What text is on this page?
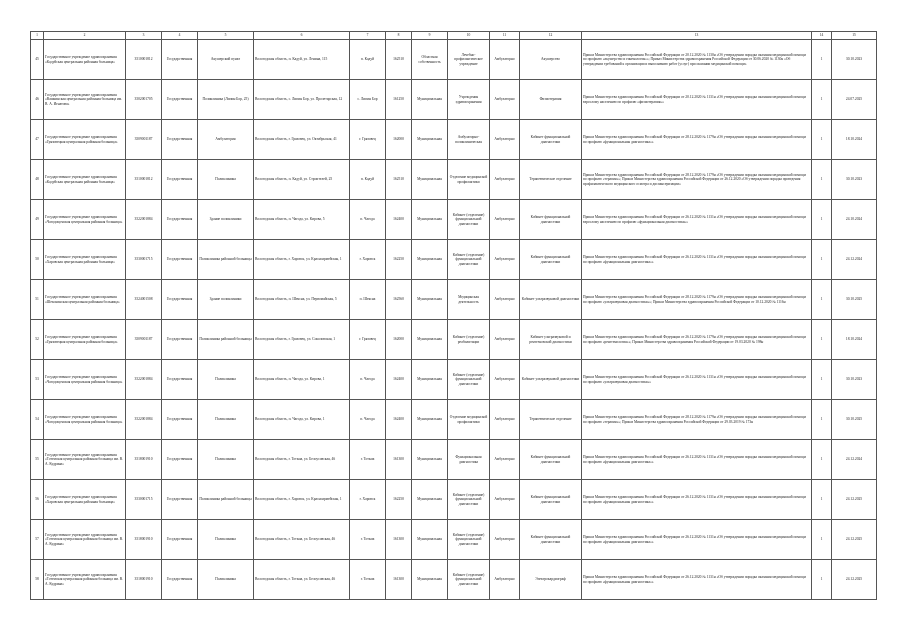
1	2	3	4	5	6	7	8	9	10	11	12	13	14	15
45	Государственное учреждение здравоохранения «Кадуйская центральная районная больница»	3510001812	Государственная	Акушерский пункт	Вологодская область, п. Кадуй, ул. Ленина, 115	п. Кадуй	162510	Областная собственность	Лечебно-профилактическое учреждение	Амбулаторно	Акушерство	Приказ Министерства здравоохранения Российской Федерации от 20.12.2020 № 1130н «Об утверждении порядка оказания медицинской помощи по профилю «акушерство и гинекология»»; Приказ Министерства здравоохранения Российской Федерации от 30.06.2020 № 1130н «Об утверждении требований к организации и выполнению работ (услуг) при оказании медицинской помощи»	1	30.10.2023
46	Государственное учреждение здравоохранения «Вашкинская центральная районная больница им. В. А. Игнатова»	3502001705	Государственная	Поликлиника (Липин Бор, 25)	Вологодская область, с. Липин Бор, ул. Пролетарская, 12	с. Липин Бор	161250	Муниципальная	Учреждения здравоохранения	Амбулаторно	Физиотерапия	Приказ Министерства здравоохранения Российской Федерации от 20.12.2020 № 1131н «Об утверждении порядка оказания медицинской помощи взрослому населению по профилю «физиотерапия»»	1	24.07.2025
47	Государственное учреждение здравоохранения «Грязовецкая центральная районная больница»	3509001187	Государственная	Амбулатория	Вологодская область, г. Грязовец, ул. Октябрьская, 41	г. Грязовец	162000	Муниципальная	Амбулаторно-поликлиническая	Амбулаторно	Кабинет функциональной диагностики	Приказ Министерства здравоохранения Российской Федерации от 28.12.2020 № 1179н «Об утверждении порядка оказания медицинской помощи по профилю «функциональная диагностика»»	1	18.10.2024
48	Государственное учреждение здравоохранения «Кадуйская центральная районная больница»	3510001812	Государственная	Поликлиника	Вологодская область, п. Кадуй, ул. Строителей, 25	п. Кадуй	162510	Муниципальная	Отделение медицинской профилактики	Амбулаторно	Терапевтическое отделение	Приказ Министерства здравоохранения Российской Федерации от 28.12.2020 № 1179н «Об утверждении порядка оказания медицинской помощи по профилю «терапия»»; Приказ Министерства здравоохранения Российской Федерации от 26.12.2020 «Об утверждении порядка проведения профилактического медицинского осмотра и диспансеризации»	1	30.10.2023
49	Государственное учреждение здравоохранения «Чагодощенская центральная районная больница»	3522001884	Государственная	Здание поликлиники	Вологодская область, п. Чагода, ул. Кирова, 5	п. Чагода	162400	Муниципальная	Кабинет (отделение) функциональной диагностики	Амбулаторно	Кабинет функциональной диагностики	Приказ Министерства здравоохранения Российской Федерации от 26.12.2020 № 1131н «Об утверждении порядка оказания медицинской помощи взрослому населению по профилю «функциональная диагностика»»	1	24.10.2024
50	Государственное учреждение здравоохранения «Харовская центральная районная больница»	3530001715	Государственная	Поликлиника районной больницы	Вологодская область, г. Харовск, ул. Красноармейская, 1	г. Харовск	162250	Муниципальная	Кабинет (отделение) функциональной диагностики	Амбулаторно	Кабинет функциональной диагностики	Приказ Министерства здравоохранения Российской Федерации от 26.12.2020 № 1131н «Об утверждении порядка оказания медицинской помощи по профилю «функциональная диагностика»»	1	24.12.2024
51	Государственное учреждение здравоохранения «Шекснинская центральная районная больница»	3524001508	Государственная	Здание поликлиники	Вологодская область, п. Шексна, ул. Первомайская, 5	п. Шексна	162560	Муниципальная	Медицинская деятельность	Амбулаторно	Кабинет ультразвуковой диагностики	Приказ Министерства здравоохранения Российской Федерации от 28.12.2020 № 1179н «Об утверждении порядка оказания медицинской помощи по профилю «ультразвуковая диагностика»»; Приказ Министерства здравоохранения Российской Федерации от 10.12.2020 № 1116н	1	30.10.2025
52	Государственное учреждение здравоохранения «Грязовецкая центральная районная больница»	3509001187	Государственная	Поликлиника районной больницы	Вологодская область, г. Грязовец, ул. Соколовская, 1	г. Грязовец	162000	Муниципальная	Кабинет (отделение) реабилитации	Амбулаторно	Кабинет ультразвуковой и рентгеновской диагностики	Приказ Министерства здравоохранения Российской Федерации от 26.12.2020 № 1179н «Об утверждении порядка оказания медицинской помощи по профилю «рентгенология»»; Приказ Министерства здравоохранения Российской Федерации от 19.03.2020 № 198н	1	18.10.2024
53	Государственное учреждение здравоохранения «Чагодощенская центральная районная больница»	3522001884	Государственная	Поликлиника	Вологодская область, п. Чагода, ул. Кирова, 1	п. Чагода	162400	Муниципальная	Кабинет (отделение) функциональной диагностики	Амбулаторно	Кабинет ультразвуковой диагностики	Приказ Министерства здравоохранения Российской Федерации от 26.12.2020 № 1131н «Об утверждении порядка оказания медицинской помощи по профилю «ультразвуковая диагностика»»	1	30.10.2023
54	Государственное учреждение здравоохранения «Чагодощенская центральная районная больница»	3522001884	Государственная	Поликлиника	Вологодская область, п. Чагода, ул. Кирова, 1	п. Чагода	162400	Муниципальная	Отделение медицинской профилактики	Амбулаторно	Терапевтическое отделение	Приказ Министерства здравоохранения Российской Федерации от 28.12.2020 № 1179н «Об утверждении порядка оказания медицинской помощи по профилю «терапия»»; Приказ Министерства здравоохранения Российской Федерации от 29.03.2019 № 173н	1	30.10.2025
55	Государственное учреждение здравоохранения «Тотемская центральная районная больница им. В. А. Кудрина»	3518001910	Государственная	Поликлиника	Вологодская область, г. Тотьма, ул. Белоусовская, 46	г. Тотьма	161300	Муниципальная	Функциональная диагностика	Амбулаторно	Кабинет функциональной диагностики	Приказ Министерства здравоохранения Российской Федерации от 26.12.2020 № 1131н «Об утверждении порядка оказания медицинской помощи по профилю «функциональная диагностика»»	1	24.12.2024
56	Государственное учреждение здравоохранения «Харовская центральная районная больница»	3530001715	Государственная	Поликлиника районной больницы	Вологодская область, г. Харовск, ул. Красноармейская, 1	г. Харовск	162250	Муниципальная	Кабинет (отделение) функциональной диагностики	Амбулаторно	Кабинет функциональной диагностики	Приказ Министерства здравоохранения Российской Федерации от 26.12.2020 № 1131н «Об утверждении порядка оказания медицинской помощи по профилю «функциональная диагностика»»	1	24.12.2025
57	Государственное учреждение здравоохранения «Тотемская центральная районная больница им. В. А. Кудрина»	3518001910	Государственная	Поликлиника	Вологодская область, г. Тотьма, ул. Белоусовская, 46	г. Тотьма	161300	Муниципальная	Кабинет (отделение) функциональной диагностики	Амбулаторно	Кабинет функциональной диагностики	Приказ Министерства здравоохранения Российской Федерации от 26.12.2020 № 1131н «Об утверждении порядка оказания медицинской помощи по профилю «функциональная диагностика»»	1	24.12.2025
58	Государственное учреждение здравоохранения «Тотемская центральная районная больница им. В. А. Кудрина»	3518001910	Государственная	Поликлиника	Вологодская область, г. Тотьма, ул. Белоусовская, 46	г. Тотьма	161300	Муниципальная	Кабинет (отделение) функциональной диагностики	Амбулаторно	Электрокардиограф	Приказ Министерства здравоохранения Российской Федерации от 26.12.2020 № 1131н «Об утверждении порядка оказания медицинской помощи по профилю «функциональная диагностика»»	1	24.12.2025
